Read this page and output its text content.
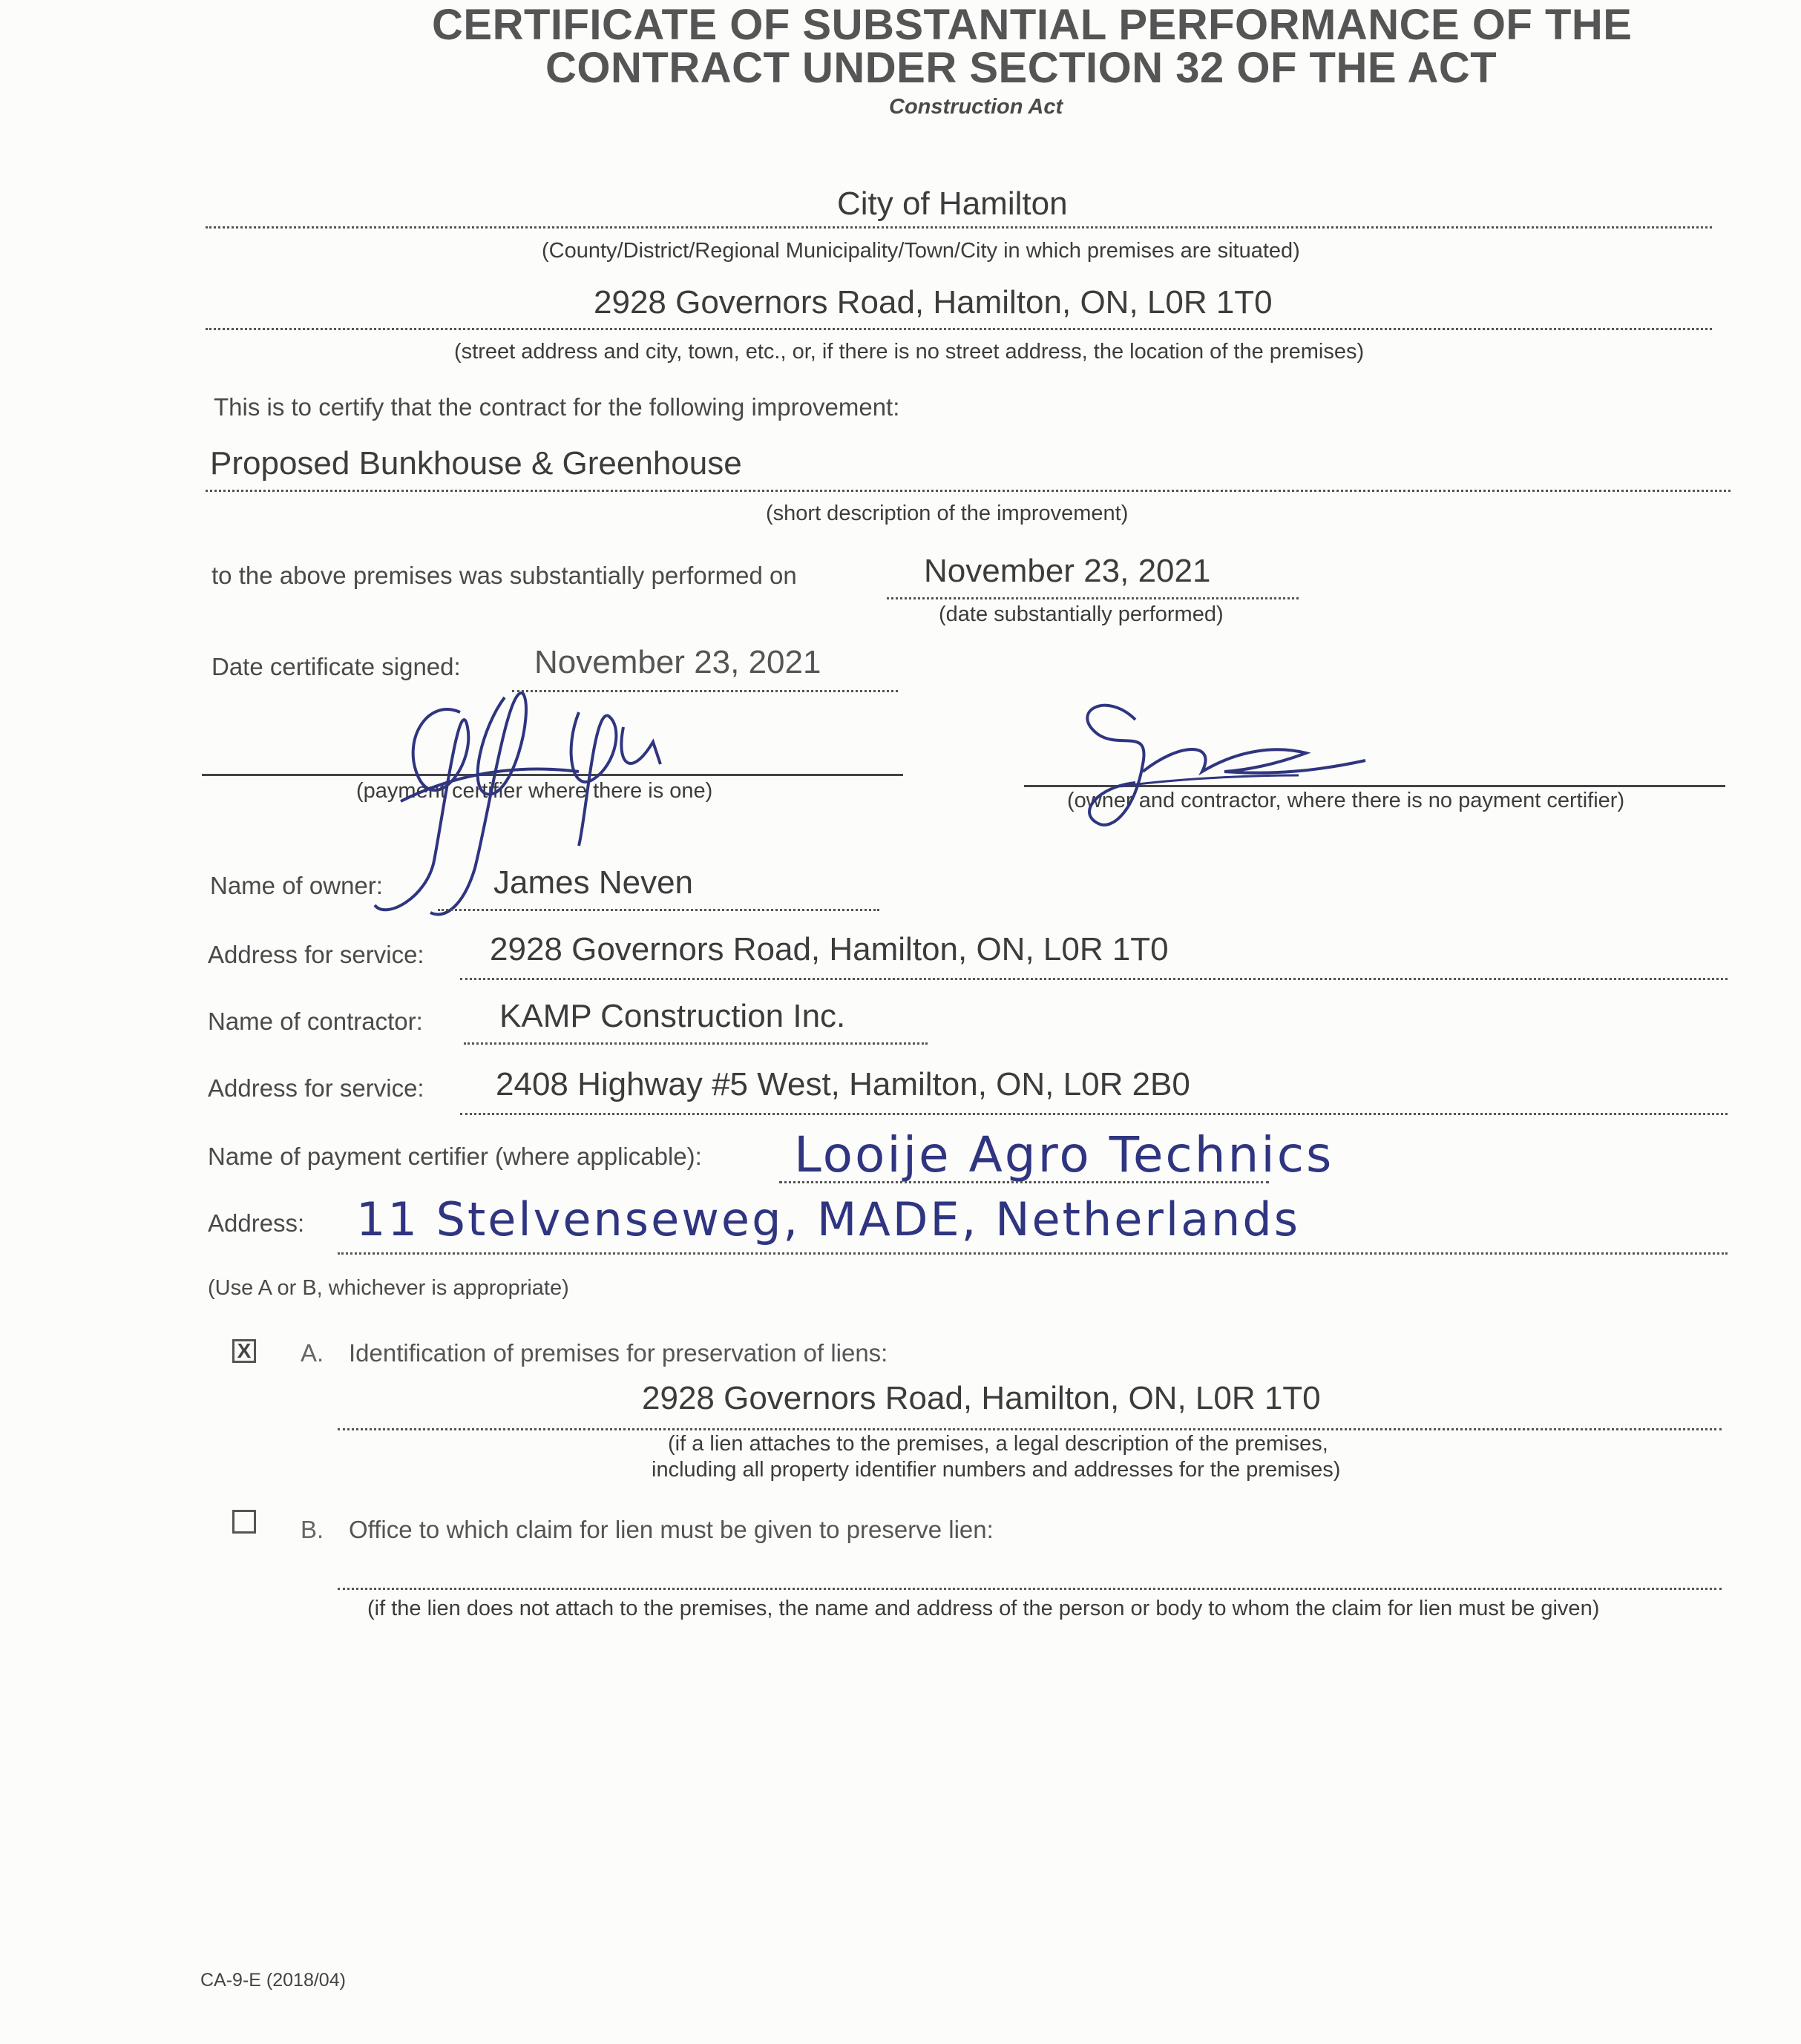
CERTIFICATE OF SUBSTANTIAL PERFORMANCE OF THE
CONTRACT UNDER SECTION 32 OF THE ACT
Construction Act
City of Hamilton
(County/District/Regional Municipality/Town/City in which premises are situated)
2928 Governors Road, Hamilton, ON, L0R 1T0
(street address and city, town, etc., or, if there is no street address, the location of the premises)
This is to certify that the contract for the following improvement:
Proposed Bunkhouse & Greenhouse
(short description of the improvement)
to the above premises was substantially performed on	November 23, 2021
(date substantially performed)
Date certificate signed: November 23, 2021
(payment certifier where there is one)	(owner and contractor, where there is no payment certifier)
Name of owner:	James Neven
Address for service: 2928 Governors Road, Hamilton, ON, L0R 1T0
Name of contractor: KAMP Construction Inc.
Address for service: 2408 Highway #5 West, Hamilton, ON, L0R 2B0
Name of payment certifier (where applicable): Looije Agro Technics
Address: 11 Stelvenseweg, MADE, Netherlands
(Use A or B, whichever is appropriate)
X A. Identification of premises for preservation of liens:
2928 Governors Road, Hamilton, ON, L0R 1T0
(if a lien attaches to the premises, a legal description of the premises,
including all property identifier numbers and addresses for the premises)
B. Office to which claim for lien must be given to preserve lien:
(if the lien does not attach to the premises, the name and address of the person or body to whom the claim for lien must be given)
CA-9-E (2018/04)
